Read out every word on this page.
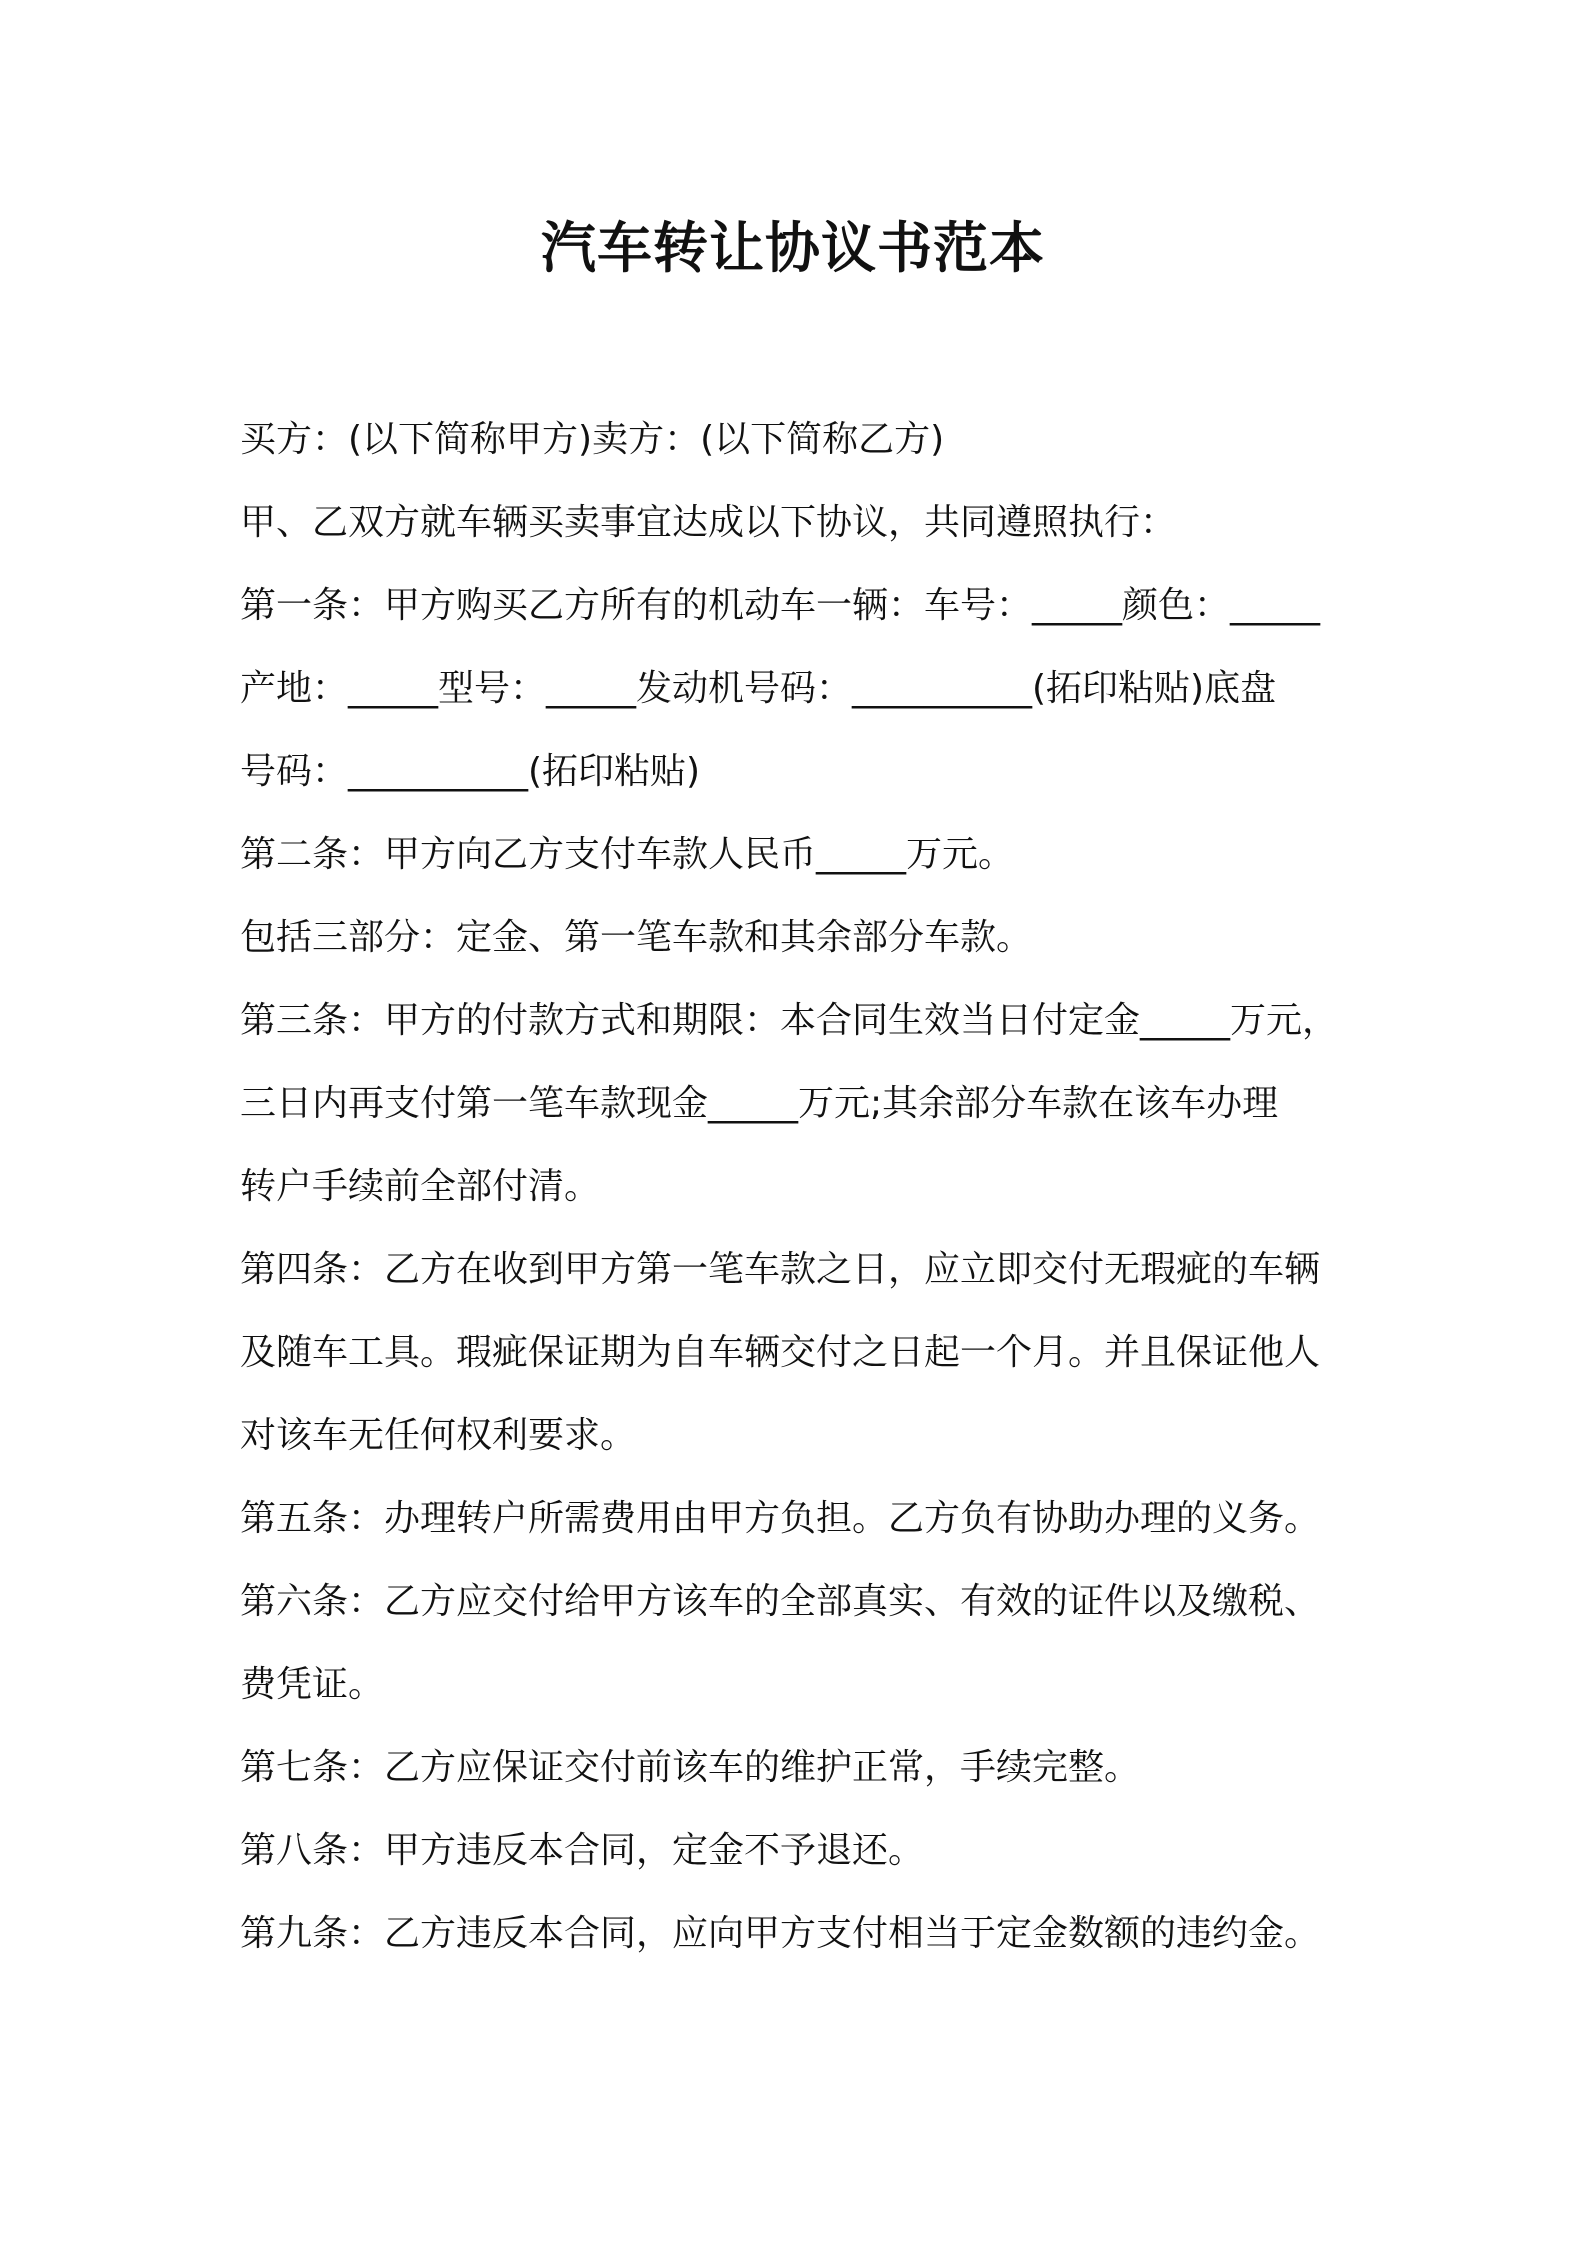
汽车转让协议书范本
买方：(以下简称甲方)卖方：(以下简称乙方)
甲、乙双方就车辆买卖事宜达成以下协议，共同遵照执行：
第一条：甲方购买乙方所有的机动车一辆：车号：_____颜色：_____
产地：_____型号：_____发动机号码：__________(拓印粘贴)底盘
号码：__________(拓印粘贴)
第二条：甲方向乙方支付车款人民币_____万元。
包括三部分：定金、第一笔车款和其余部分车款。
第三条：甲方的付款方式和期限：本合同生效当日付定金_____万元，
三日内再支付第一笔车款现金_____万元;其余部分车款在该车办理
转户手续前全部付清。
第四条：乙方在收到甲方第一笔车款之日，应立即交付无瑕疵的车辆
及随车工具。瑕疵保证期为自车辆交付之日起一个月。并且保证他人
对该车无任何权利要求。
第五条：办理转户所需费用由甲方负担。乙方负有协助办理的义务。
第六条：乙方应交付给甲方该车的全部真实、有效的证件以及缴税、
费凭证。
第七条：乙方应保证交付前该车的维护正常，手续完整。
第八条：甲方违反本合同，定金不予退还。
第九条：乙方违反本合同，应向甲方支付相当于定金数额的违约金。
